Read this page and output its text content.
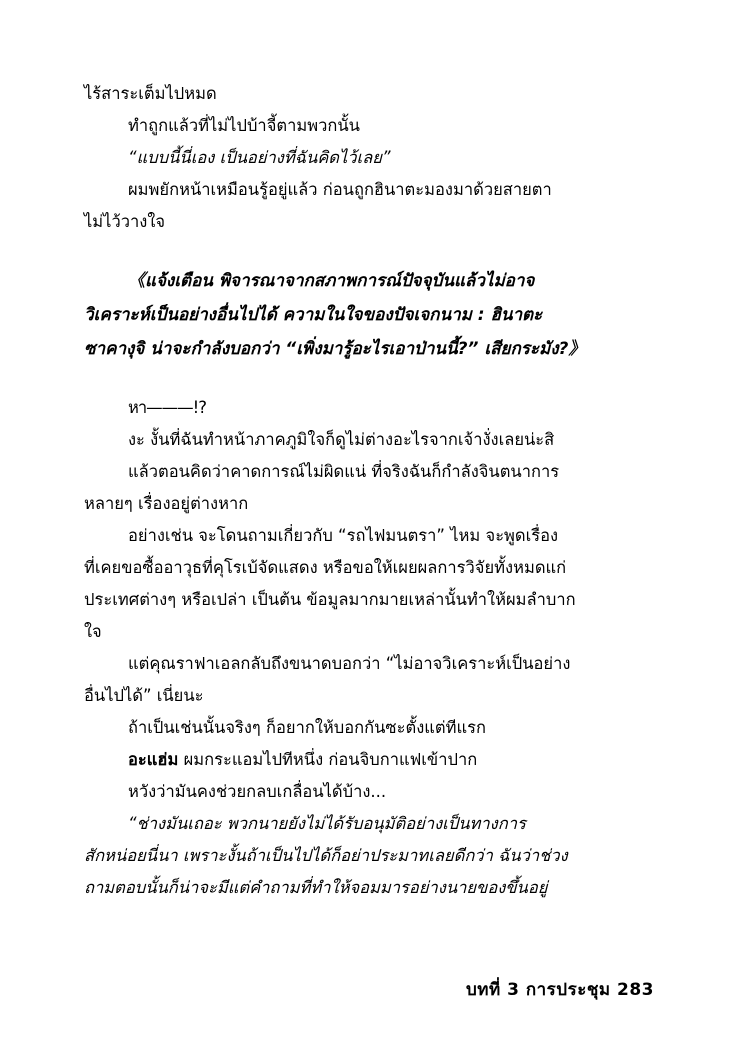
ไร้สาระเต็มไปหมด

ทำถูกแล้วที่ไม่ไปบ้าจี้ตามพวกนั้น

“แบบนี้นี่เอง เป็นอย่างที่ฉันคิดไว้เลย”

ผมพยักหน้าเหมือนรู้อยู่แล้ว ก่อนถูกฮินาตะมองมาด้วยสายตา

ไม่ไว้วางใจ

《แจ้งเตือน พิจารณาจากสภาพการณ์ปัจจุบันแล้วไม่อาจ

วิเคราะห์เป็นอย่างอื่นไปได้ ความในใจของปัจเจกนาม : ฮินาตะ

ซาคางุจิ น่าจะกำลังบอกว่า “เพิ่งมารู้อะไรเอาป่านนี้?” เสียกระมัง?》

หา———!?

งะ งั้นที่ฉันทำหน้าภาคภูมิใจก็ดูไม่ต่างอะไรจากเจ้างั่งเลยน่ะสิ

แล้วตอนคิดว่าคาดการณ์ไม่ผิดแน่ ที่จริงฉันก็กำลังจินตนาการ

หลายๆ เรื่องอยู่ต่างหาก

อย่างเช่น จะโดนถามเกี่ยวกับ “รถไฟมนตรา” ไหม จะพูดเรื่อง

ที่เคยขอซื้ออาวุธที่คุโรเบ้จัดแสดง หรือขอให้เผยผลการวิจัยทั้งหมดแก่

ประเทศต่างๆ หรือเปล่า เป็นต้น ข้อมูลมากมายเหล่านั้นทำให้ผมลำบาก

ใจ

แต่คุณราฟาเอลกลับถึงขนาดบอกว่า “ไม่อาจวิเคราะห์เป็นอย่าง

อื่นไปได้” เนี่ยนะ

ถ้าเป็นเช่นนั้นจริงๆ ก็อยากให้บอกกันซะตั้งแต่ทีแรก

อะแฮ่ม ผมกระแอมไปทีหนึ่ง ก่อนจิบกาแฟเข้าปาก

หวังว่ามันคงช่วยกลบเกลื่อนได้บ้าง...

“ช่างมันเถอะ พวกนายยังไม่ได้รับอนุมัติอย่างเป็นทางการ

สักหน่อยนี่นา เพราะงั้นถ้าเป็นไปได้ก็อย่าประมาทเลยดีกว่า ฉันว่าช่วง

ถามตอบนั้นก็น่าจะมีแต่คำถามที่ทำให้จอมมารอย่างนายของขึ้นอยู่

บทที่ 3 การประชุม 283
